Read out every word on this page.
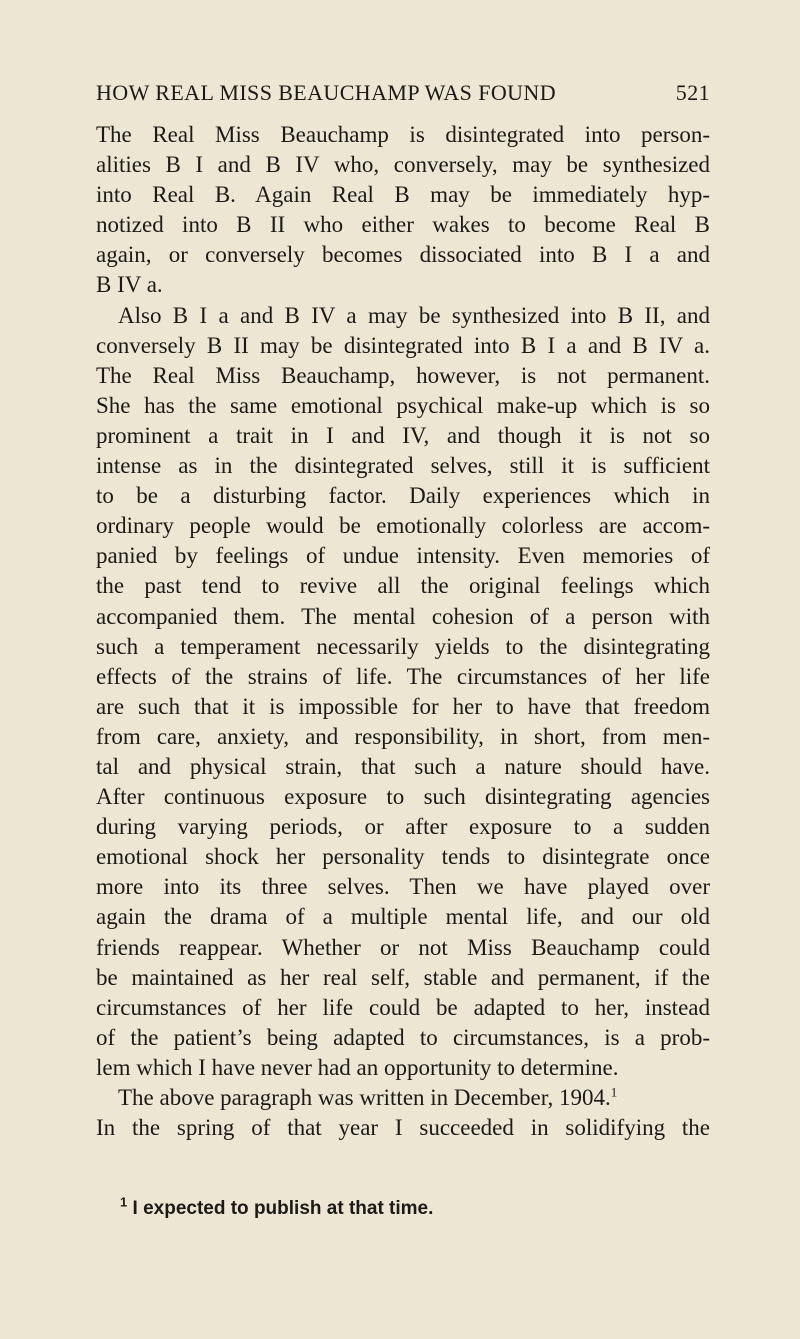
HOW REAL MISS BEAUCHAMP WAS FOUND	521
The Real Miss Beauchamp is disintegrated into person-
alities B I and B IV who, conversely, may be synthesized
into Real B. Again Real B may be immediately hyp-
notized into B II who either wakes to become Real B
again, or conversely becomes dissociated into B I a and
B IV a.
Also B I a and B IV a may be synthesized into B II, and
conversely B II may be disintegrated into B I a and B IV a.
The Real Miss Beauchamp, however, is not permanent.
She has the same emotional psychical make-up which is so
prominent a trait in I and IV, and though it is not so
intense as in the disintegrated selves, still it is sufficient
to be a disturbing factor. Daily experiences which in
ordinary people would be emotionally colorless are accom-
panied by feelings of undue intensity. Even memories of
the past tend to revive all the original feelings which
accompanied them. The mental cohesion of a person with
such a temperament necessarily yields to the disintegrating
effects of the strains of life. The circumstances of her life
are such that it is impossible for her to have that freedom
from care, anxiety, and responsibility, in short, from men-
tal and physical strain, that such a nature should have.
After continuous exposure to such disintegrating agencies
during varying periods, or after exposure to a sudden
emotional shock her personality tends to disintegrate once
more into its three selves. Then we have played over
again the drama of a multiple mental life, and our old
friends reappear. Whether or not Miss Beauchamp could
be maintained as her real self, stable and permanent, if the
circumstances of her life could be adapted to her, instead
of the patient’s being adapted to circumstances, is a prob-
lem which I have never had an opportunity to determine.
The above paragraph was written in December, 1904.$^1$
In the spring of that year I succeeded in solidifying the
$^1$ I expected to publish at that time.
